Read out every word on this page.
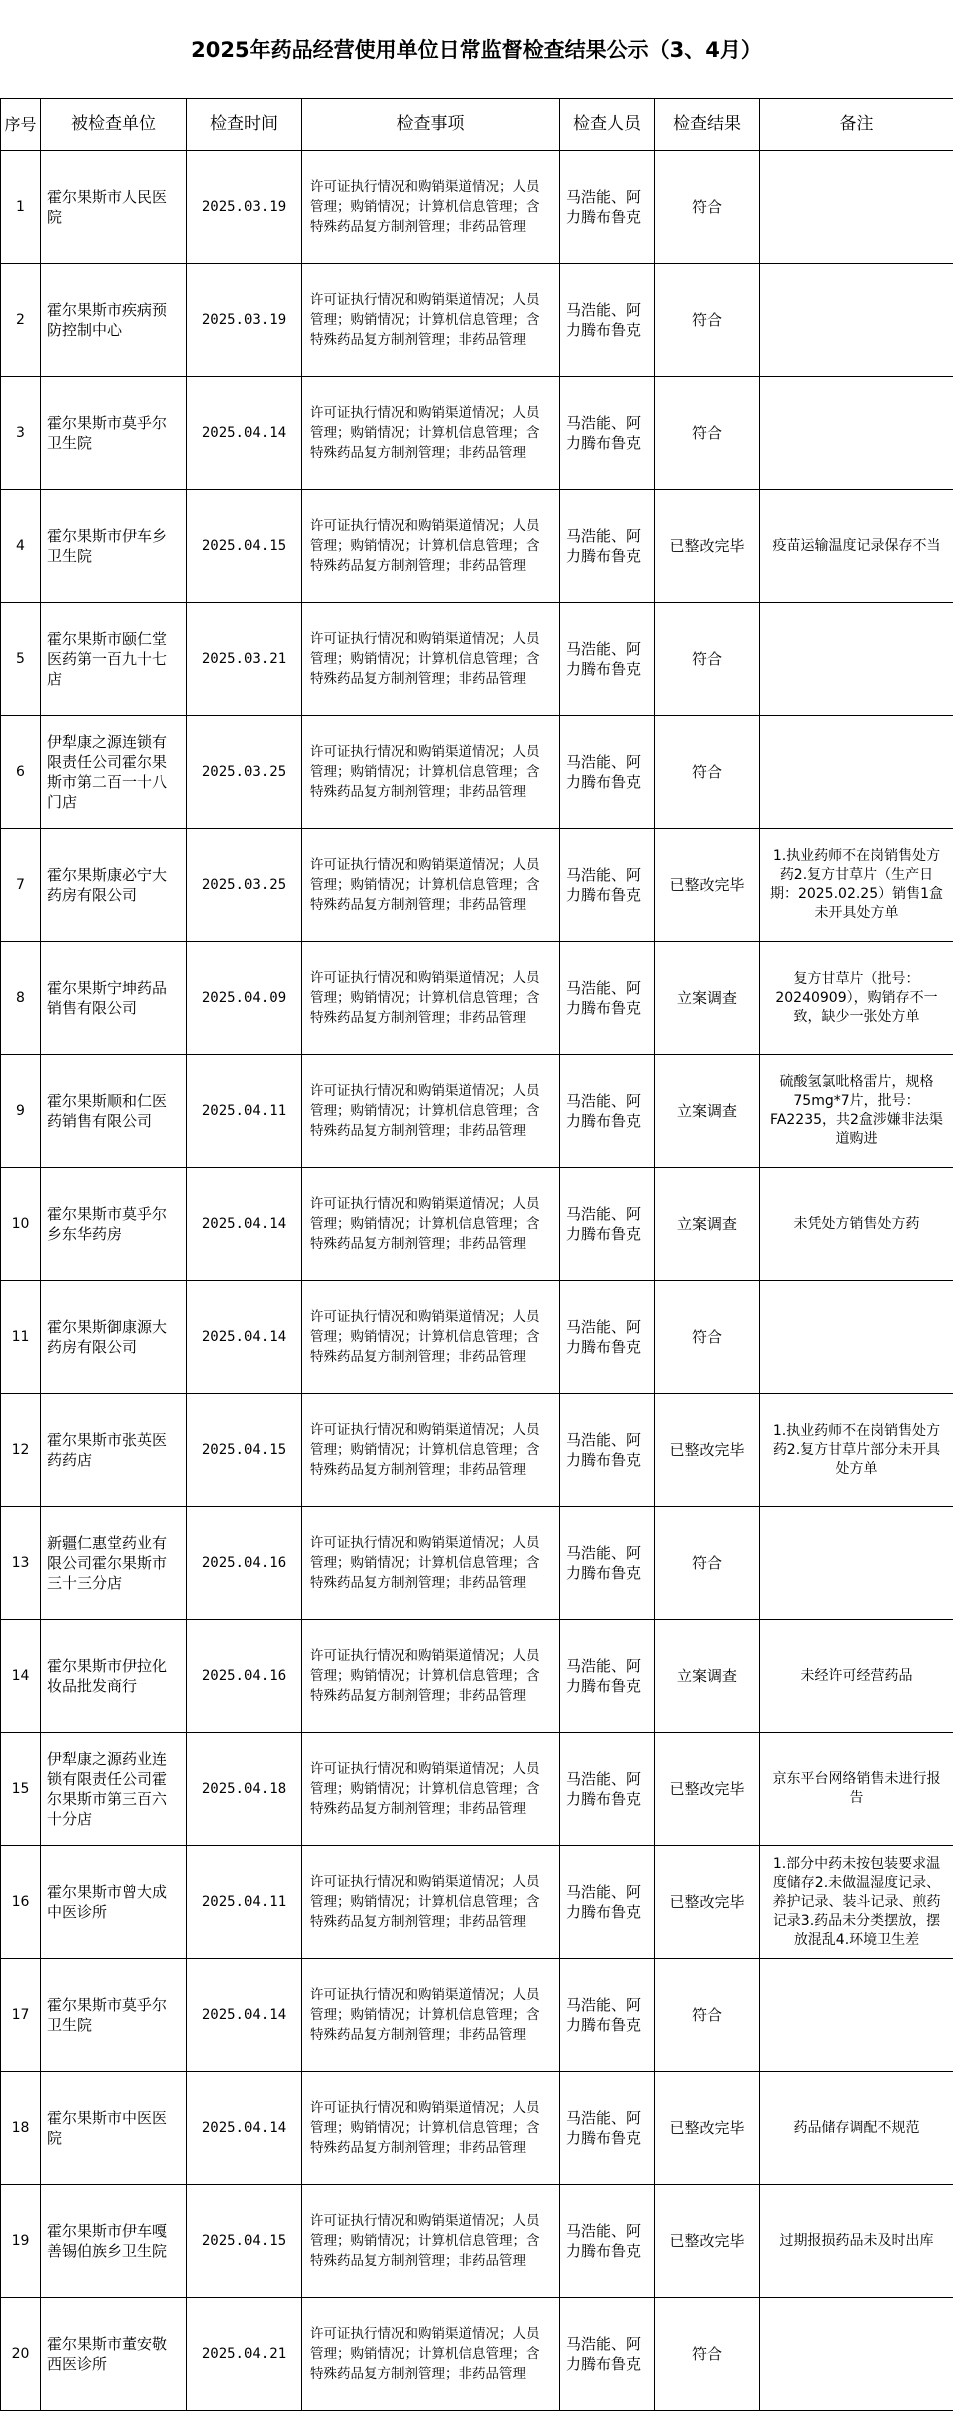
2025年药品经营使用单位日常监督检查结果公示（3、4月）
序号	被检查单位	检查时间	检查事项	检查人员	检查结果	备注
1	霍尔果斯市人民医院	2025.03.19	许可证执行情况和购销渠道情况；人员管理；购销情况；计算机信息管理；含特殊药品复方制剂管理；非药品管理	马浩能、阿力腾布鲁克	符合	

2	霍尔果斯市疾病预防控制中心	2025.03.19	许可证执行情况和购销渠道情况；人员管理；购销情况；计算机信息管理；含特殊药品复方制剂管理；非药品管理	马浩能、阿力腾布鲁克	符合	

3	霍尔果斯市莫乎尔卫生院	2025.04.14	许可证执行情况和购销渠道情况；人员管理；购销情况；计算机信息管理；含特殊药品复方制剂管理；非药品管理	马浩能、阿力腾布鲁克	符合	

4	霍尔果斯市伊车乡卫生院	2025.04.15	许可证执行情况和购销渠道情况；人员管理；购销情况；计算机信息管理；含特殊药品复方制剂管理；非药品管理	马浩能、阿力腾布鲁克	已整改完毕	疫苗运输温度记录保存不当

5	霍尔果斯市颐仁堂医药第一百九十七店	2025.03.21	许可证执行情况和购销渠道情况；人员管理；购销情况；计算机信息管理；含特殊药品复方制剂管理；非药品管理	马浩能、阿力腾布鲁克	符合	

6	伊犁康之源连锁有限责任公司霍尔果斯市第二百一十八门店	2025.03.25	许可证执行情况和购销渠道情况；人员管理；购销情况；计算机信息管理；含特殊药品复方制剂管理；非药品管理	马浩能、阿力腾布鲁克	符合	

7	霍尔果斯康必宁大药房有限公司	2025.03.25	许可证执行情况和购销渠道情况；人员管理；购销情况；计算机信息管理；含特殊药品复方制剂管理；非药品管理	马浩能、阿力腾布鲁克	已整改完毕	1.执业药师不在岗销售处方药2.复方甘草片（生产日期：2025.02.25）销售1盒未开具处方单

8	霍尔果斯宁坤药品销售有限公司	2025.04.09	许可证执行情况和购销渠道情况；人员管理；购销情况；计算机信息管理；含特殊药品复方制剂管理；非药品管理	马浩能、阿力腾布鲁克	立案调查	复方甘草片（批号：20240909），购销存不一致，缺少一张处方单

9	霍尔果斯顺和仁医药销售有限公司	2025.04.11	许可证执行情况和购销渠道情况；人员管理；购销情况；计算机信息管理；含特殊药品复方制剂管理；非药品管理	马浩能、阿力腾布鲁克	立案调查	硫酸氢氯吡格雷片，规格75mg*7片，批号：FA2235，共2盒涉嫌非法渠道购进

10	霍尔果斯市莫乎尔乡东华药房	2025.04.14	许可证执行情况和购销渠道情况；人员管理；购销情况；计算机信息管理；含特殊药品复方制剂管理；非药品管理	马浩能、阿力腾布鲁克	立案调查	未凭处方销售处方药

11	霍尔果斯御康源大药房有限公司	2025.04.14	许可证执行情况和购销渠道情况；人员管理；购销情况；计算机信息管理；含特殊药品复方制剂管理；非药品管理	马浩能、阿力腾布鲁克	符合	

12	霍尔果斯市张英医药药店	2025.04.15	许可证执行情况和购销渠道情况；人员管理；购销情况；计算机信息管理；含特殊药品复方制剂管理；非药品管理	马浩能、阿力腾布鲁克	已整改完毕	1.执业药师不在岗销售处方药2.复方甘草片部分未开具处方单

13	新疆仁惠堂药业有限公司霍尔果斯市三十三分店	2025.04.16	许可证执行情况和购销渠道情况；人员管理；购销情况；计算机信息管理；含特殊药品复方制剂管理；非药品管理	马浩能、阿力腾布鲁克	符合	

14	霍尔果斯市伊拉化妆品批发商行	2025.04.16	许可证执行情况和购销渠道情况；人员管理；购销情况；计算机信息管理；含特殊药品复方制剂管理；非药品管理	马浩能、阿力腾布鲁克	立案调查	未经许可经营药品

15	伊犁康之源药业连锁有限责任公司霍尔果斯市第三百六十分店	2025.04.18	许可证执行情况和购销渠道情况；人员管理；购销情况；计算机信息管理；含特殊药品复方制剂管理；非药品管理	马浩能、阿力腾布鲁克	已整改完毕	京东平台网络销售未进行报告

16	霍尔果斯市曾大成中医诊所	2025.04.11	许可证执行情况和购销渠道情况；人员管理；购销情况；计算机信息管理；含特殊药品复方制剂管理；非药品管理	马浩能、阿力腾布鲁克	已整改完毕	1.部分中药未按包装要求温度储存2.未做温湿度记录、养护记录、装斗记录、煎药记录3.药品未分类摆放，摆放混乱4.环境卫生差

17	霍尔果斯市莫乎尔卫生院	2025.04.14	许可证执行情况和购销渠道情况；人员管理；购销情况；计算机信息管理；含特殊药品复方制剂管理；非药品管理	马浩能、阿力腾布鲁克	符合	

18	霍尔果斯市中医医院	2025.04.14	许可证执行情况和购销渠道情况；人员管理；购销情况；计算机信息管理；含特殊药品复方制剂管理；非药品管理	马浩能、阿力腾布鲁克	已整改完毕	药品储存调配不规范

19	霍尔果斯市伊车嘎善锡伯族乡卫生院	2025.04.15	许可证执行情况和购销渠道情况；人员管理；购销情况；计算机信息管理；含特殊药品复方制剂管理；非药品管理	马浩能、阿力腾布鲁克	已整改完毕	过期报损药品未及时出库

20	霍尔果斯市董安敬西医诊所	2025.04.21	许可证执行情况和购销渠道情况；人员管理；购销情况；计算机信息管理；含特殊药品复方制剂管理；非药品管理	马浩能、阿力腾布鲁克	符合	
